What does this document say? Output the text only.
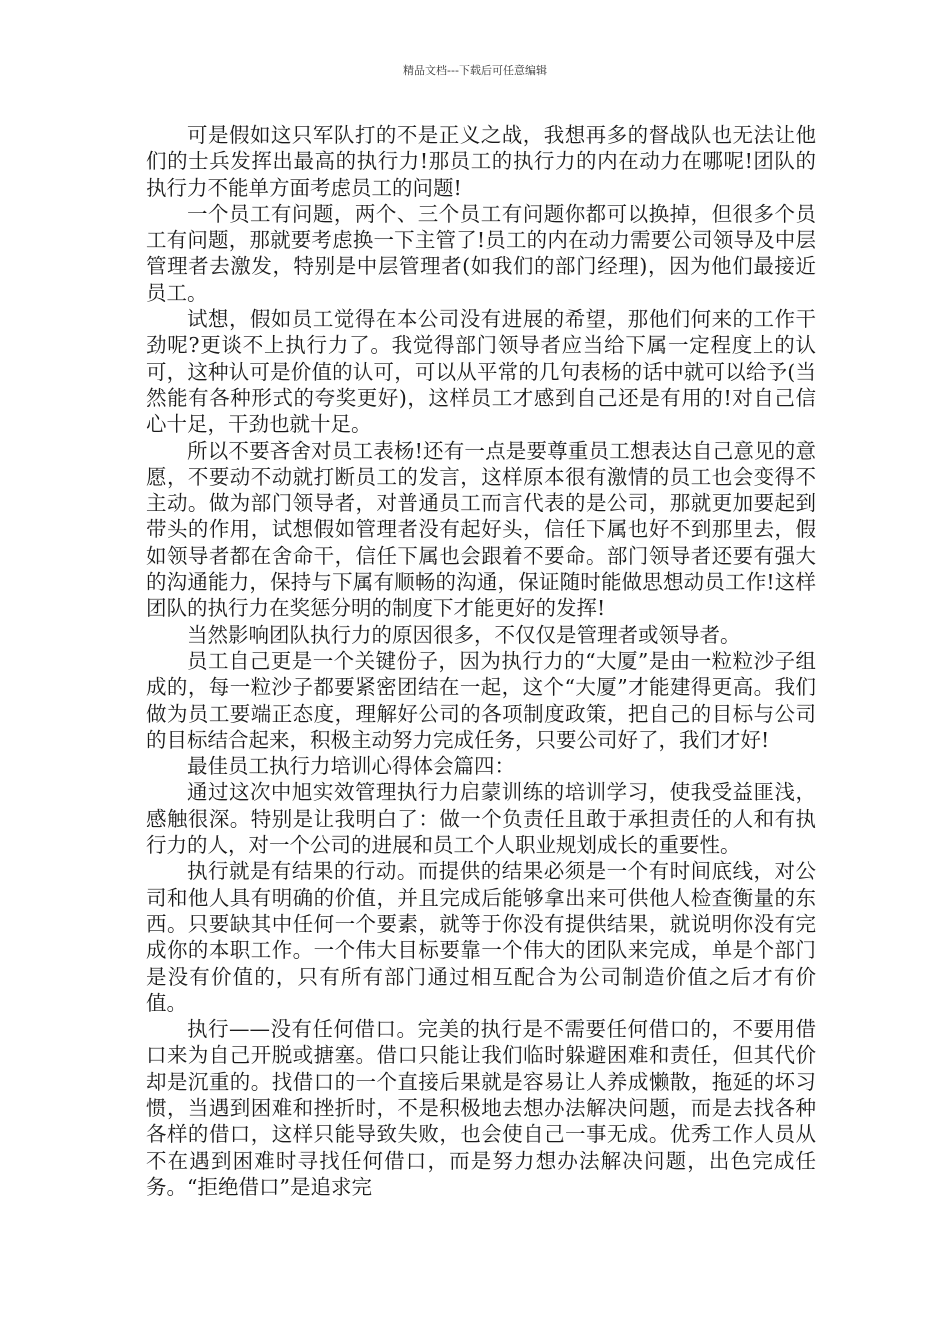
精品文档---下载后可任意编辑

可是假如这只军队打的不是正义之战，我想再多的督战队也无法让他们的士兵发挥出最高的执行力!那员工的执行力的内在动力在哪呢!团队的执行力不能单方面考虑员工的问题!

一个员工有问题，两个、三个员工有问题你都可以换掉，但很多个员工有问题，那就要考虑换一下主管了!员工的内在动力需要公司领导及中层管理者去激发，特别是中层管理者(如我们的部门经理)，因为他们最接近员工。

试想，假如员工觉得在本公司没有进展的希望，那他们何来的工作干劲呢?更谈不上执行力了。我觉得部门领导者应当给下属一定程度上的认可，这种认可是价值的认可，可以从平常的几句表杨的话中就可以给予(当然能有各种形式的夸奖更好)，这样员工才感到自己还是有用的!对自己信心十足，干劲也就十足。

所以不要吝舍对员工表杨!还有一点是要尊重员工想表达自己意见的意愿，不要动不动就打断员工的发言，这样原本很有激情的员工也会变得不主动。做为部门领导者，对普通员工而言代表的是公司，那就更加要起到带头的作用，试想假如管理者没有起好头，信任下属也好不到那里去，假如领导者都在舍命干，信任下属也会跟着不要命。部门领导者还要有强大的沟通能力，保持与下属有顺畅的沟通，保证随时能做思想动员工作!这样团队的执行力在奖惩分明的制度下才能更好的发挥!

当然影响团队执行力的原因很多，不仅仅是管理者或领导者。

员工自己更是一个关键份子，因为执行力的“大厦”是由一粒粒沙子组成的，每一粒沙子都要紧密团结在一起，这个“大厦”才能建得更高。我们做为员工要端正态度，理解好公司的各项制度政策，把自己的目标与公司的目标结合起来，积极主动努力完成任务，只要公司好了，我们才好!

最佳员工执行力培训心得体会篇四：

通过这次中旭实效管理执行力启蒙训练的培训学习，使我受益匪浅，感触很深。特别是让我明白了：做一个负责任且敢于承担责任的人和有执行力的人，对一个公司的进展和员工个人职业规划成长的重要性。

执行就是有结果的行动。而提供的结果必须是一个有时间底线，对公司和他人具有明确的价值，并且完成后能够拿出来可供他人检查衡量的东西。只要缺其中任何一个要素，就等于你没有提供结果，就说明你没有完成你的本职工作。一个伟大目标要靠一个伟大的团队来完成，单是个部门是没有价值的，只有所有部门通过相互配合为公司制造价值之后才有价值。

执行——没有任何借口。完美的执行是不需要任何借口的，不要用借口来为自己开脱或搪塞。借口只能让我们临时躲避困难和责任，但其代价却是沉重的。找借口的一个直接后果就是容易让人养成懒散，拖延的坏习惯，当遇到困难和挫折时，不是积极地去想办法解决问题，而是去找各种各样的借口，这样只能导致失败，也会使自己一事无成。优秀工作人员从不在遇到困难时寻找任何借口，而是努力想办法解决问题，出色完成任务。“拒绝借口”是追求完
